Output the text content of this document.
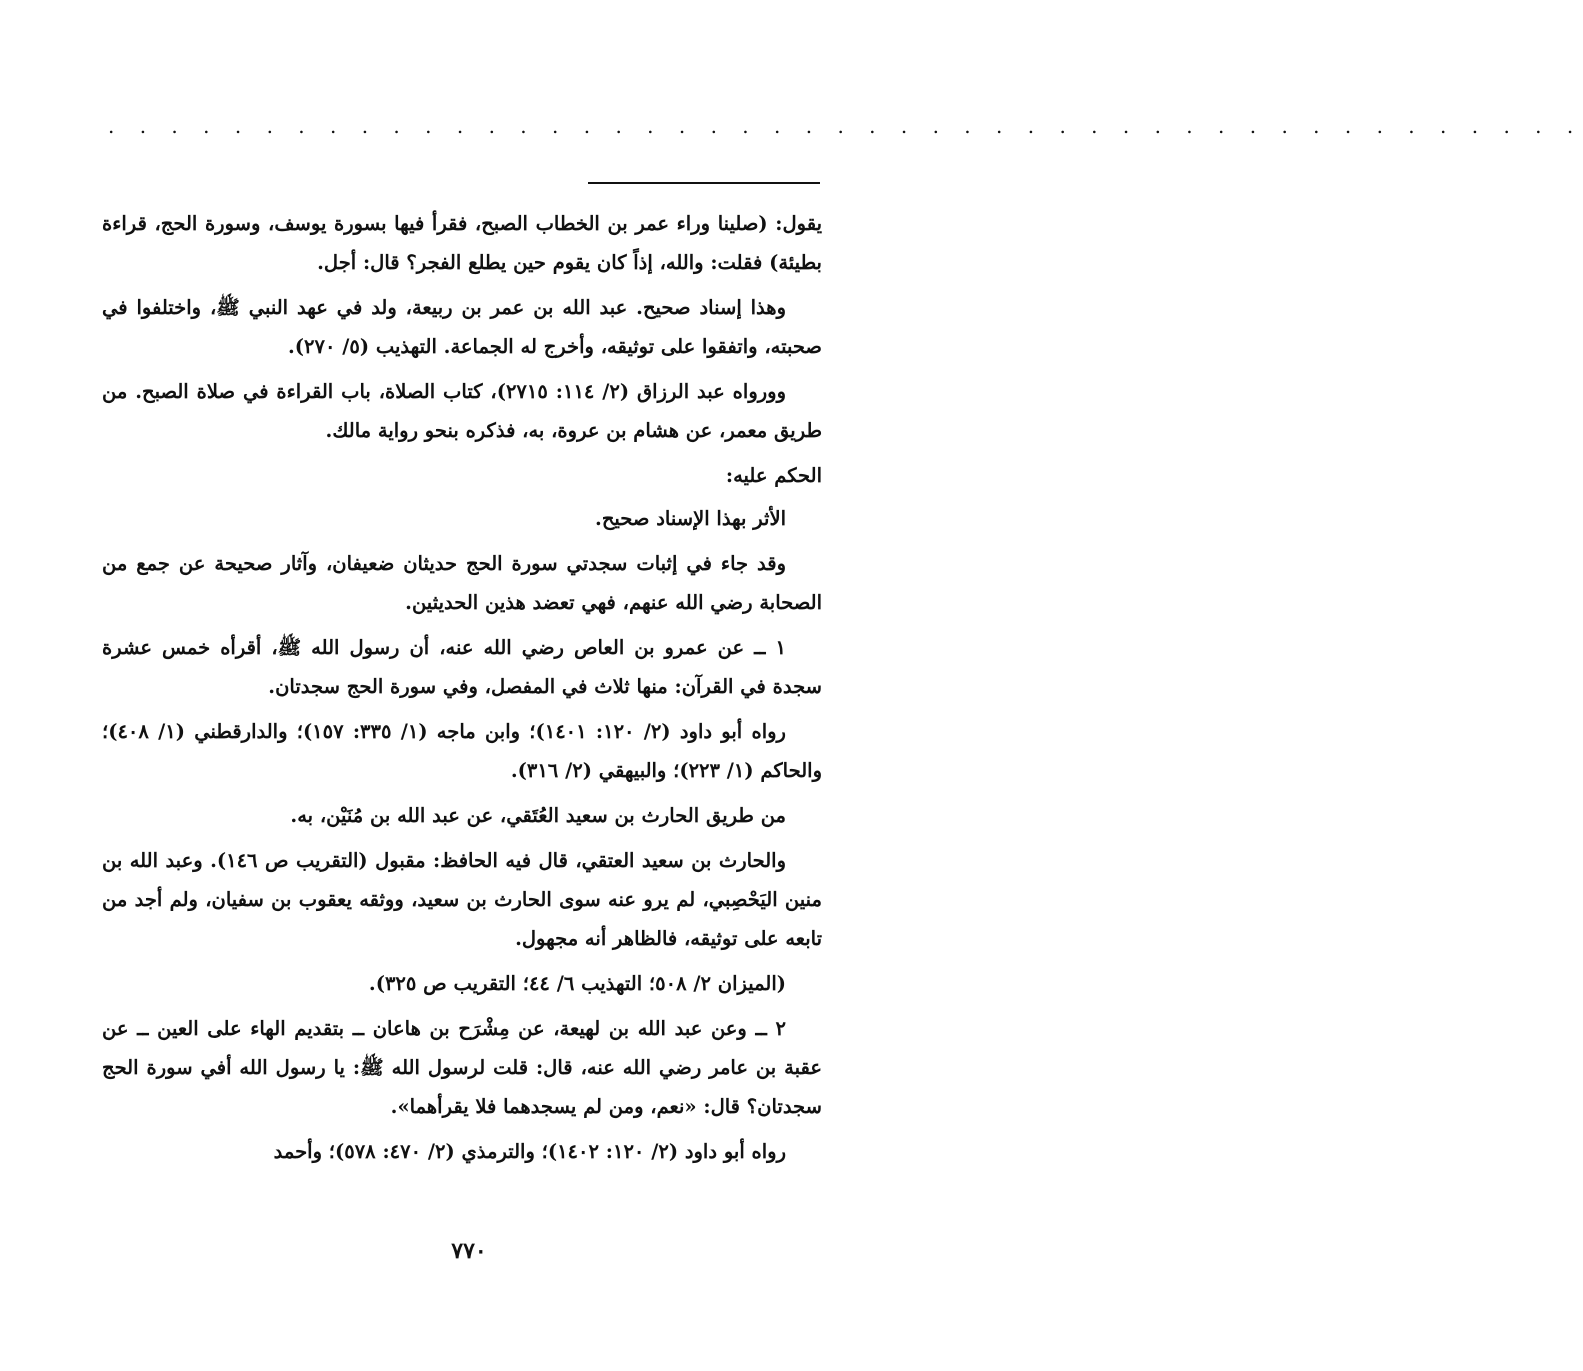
. . . . . . . . . . . . . . . . . . . . . . . . . . . . . . . . . . . . . . . . . . . . . . .

يقول: (صلينا وراء عمر بن الخطاب الصبح، فقرأ فيها بسورة يوسف، وسورة الحج، قراءة بطيئة) فقلت: والله، إذاً كان يقوم حين يطلع الفجر؟ قال: أجل.

وهذا إسناد صحيح. عبد الله بن عمر بن ربيعة، ولد في عهد النبي ﷺ، واختلفوا في صحبته، واتفقوا على توثيقه، وأخرج له الجماعة. التهذيب (٥/ ٢٧٠).

وورواه عبد الرزاق (٢/ ١١٤: ٢٧١٥)، كتاب الصلاة، باب القراءة في صلاة الصبح. من طريق معمر، عن هشام بن عروة، به، فذكره بنحو رواية مالك.

الحكم عليه:

الأثر بهذا الإسناد صحيح.

وقد جاء في إثبات سجدتي سورة الحج حديثان ضعيفان، وآثار صحيحة عن جمع من الصحابة رضي الله عنهم، فهي تعضد هذين الحديثين.

١ ــ عن عمرو بن العاص رضي الله عنه، أن رسول الله ﷺ، أقرأه خمس عشرة سجدة في القرآن: منها ثلاث في المفصل، وفي سورة الحج سجدتان.

رواه أبو داود (٢/ ١٢٠: ١٤٠١)؛ وابن ماجه (١/ ٣٣٥: ١٥٧)؛ والدارقطني (١/ ٤٠٨)؛ والحاكم (١/ ٢٢٣)؛ والبيهقي (٢/ ٣١٦).

من طريق الحارث بن سعيد العُتَقي، عن عبد الله بن مُنَيْن، به.

والحارث بن سعيد العتقي، قال فيه الحافظ: مقبول (التقريب ص ١٤٦). وعبد الله بن منين اليَحْصِبي، لم يرو عنه سوى الحارث بن سعيد، ووثقه يعقوب بن سفيان، ولم أجد من تابعه على توثيقه، فالظاهر أنه مجهول.

(الميزان ٢/ ٥٠٨؛ التهذيب ٦/ ٤٤؛ التقريب ص ٣٢٥).

٢ ــ وعن عبد الله بن لهيعة، عن مِشْرَح بن هاعان ــ بتقديم الهاء على العين ــ عن عقبة بن عامر رضي الله عنه، قال: قلت لرسول الله ﷺ: يا رسول الله أفي سورة الحج سجدتان؟ قال: «نعم، ومن لم يسجدهما فلا يقرأهما».

رواه أبو داود (٢/ ١٢٠: ١٤٠٢)؛ والترمذي (٢/ ٤٧٠: ٥٧٨)؛ وأحمد

٧٧٠
